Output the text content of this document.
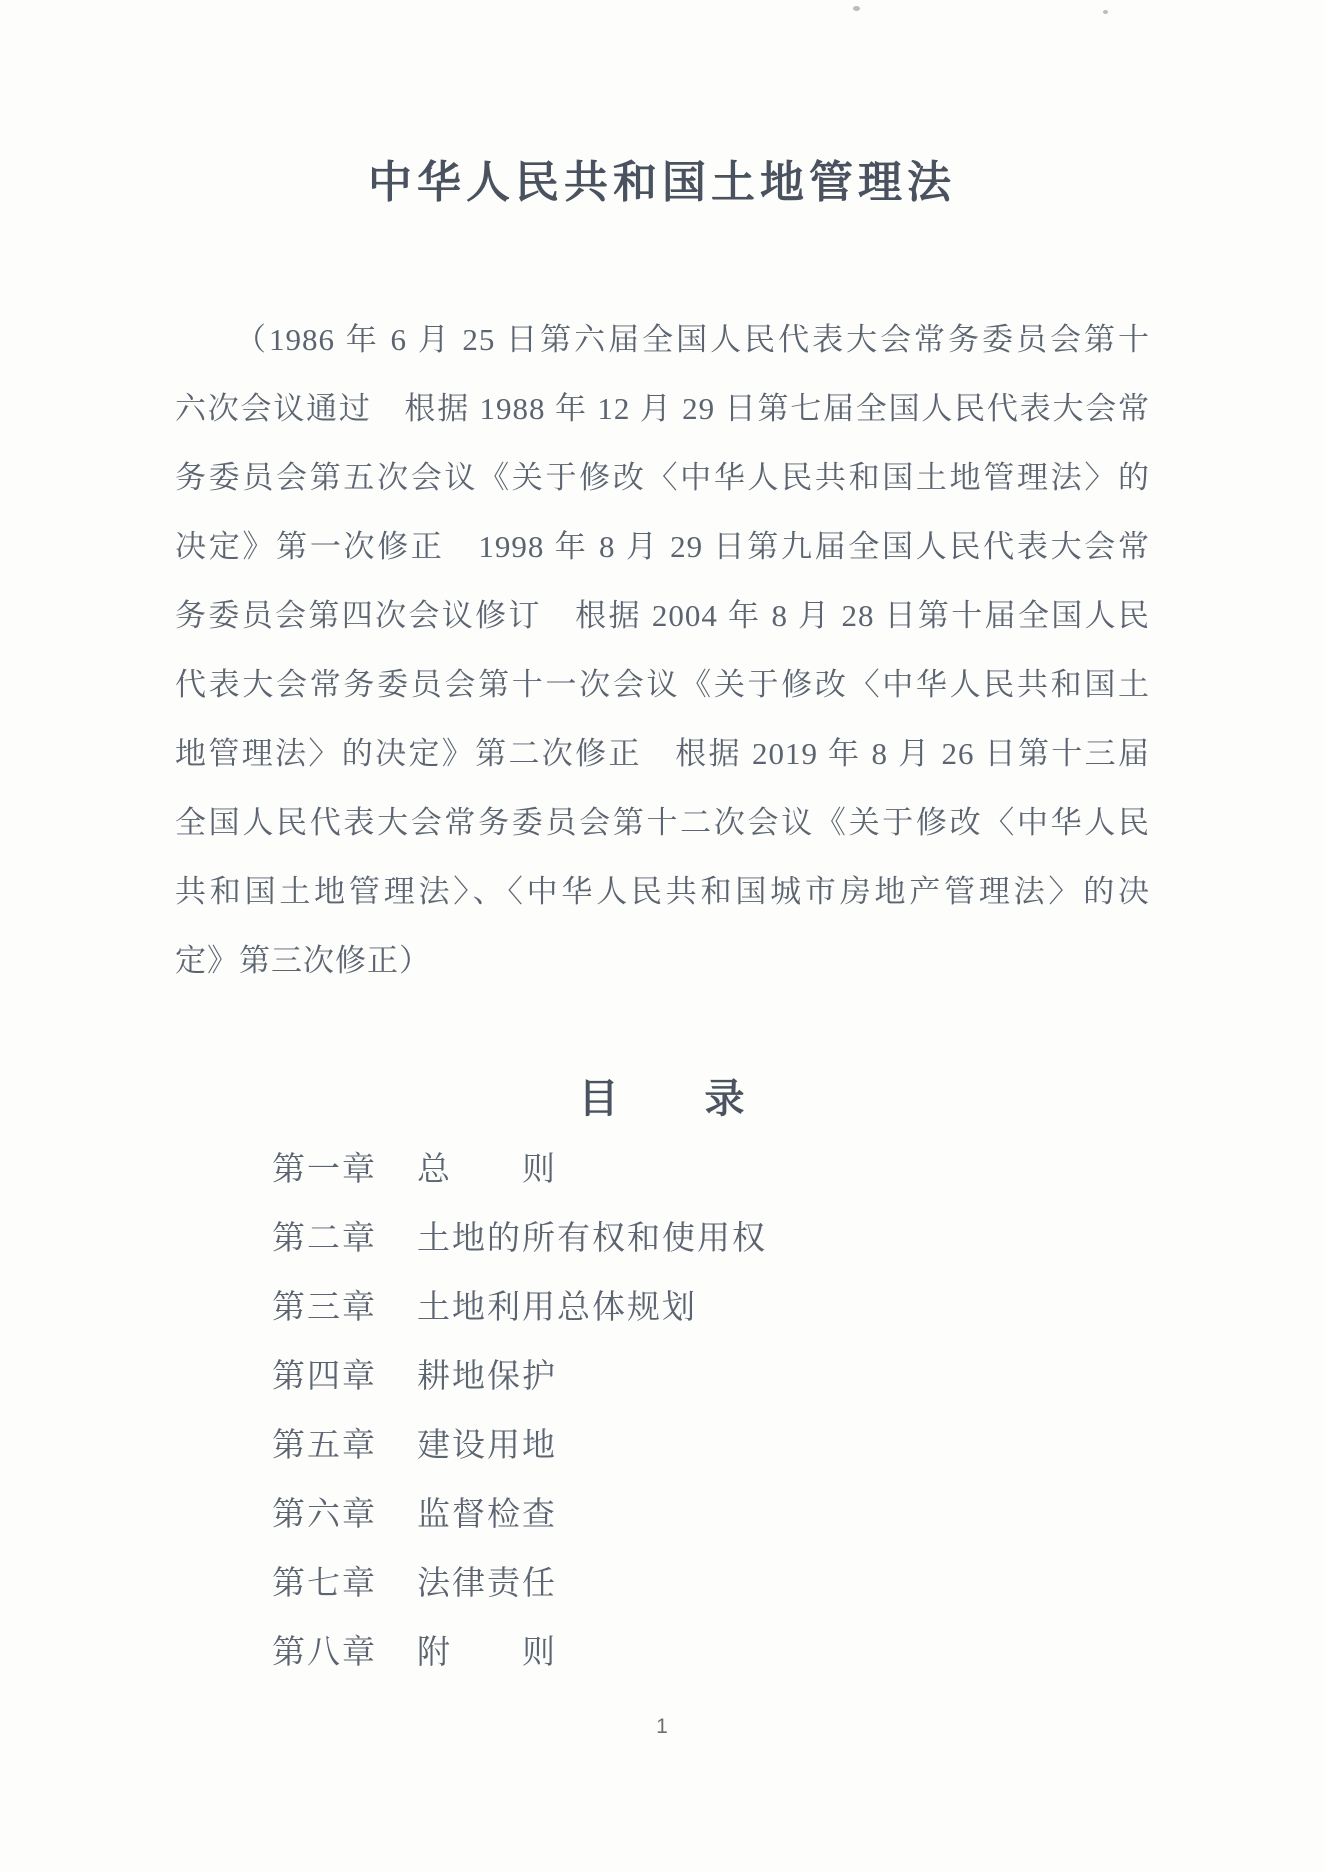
中华人民共和国土地管理法
（1986 年 6 月 25 日第六届全国人民代表大会常务委员会第十
六次会议通过　根据 1988 年 12 月 29 日第七届全国人民代表大会常
务委员会第五次会议《关于修改〈中华人民共和国土地管理法〉的
决定》第一次修正　1998 年 8 月 29 日第九届全国人民代表大会常
务委员会第四次会议修订　根据 2004 年 8 月 28 日第十届全国人民
代表大会常务委员会第十一次会议《关于修改〈中华人民共和国土
地管理法〉的决定》第二次修正　根据 2019 年 8 月 26 日第十三届
全国人民代表大会常务委员会第十二次会议《关于修改〈中华人民
共和国土地管理法〉、〈中华人民共和国城市房地产管理法〉的决
定》第三次修正）
目　　录
第一章 总　　则
第二章 土地的所有权和使用权
第三章 土地利用总体规划
第四章 耕地保护
第五章 建设用地
第六章 监督检查
第七章 法律责任
第八章 附　　则
1
